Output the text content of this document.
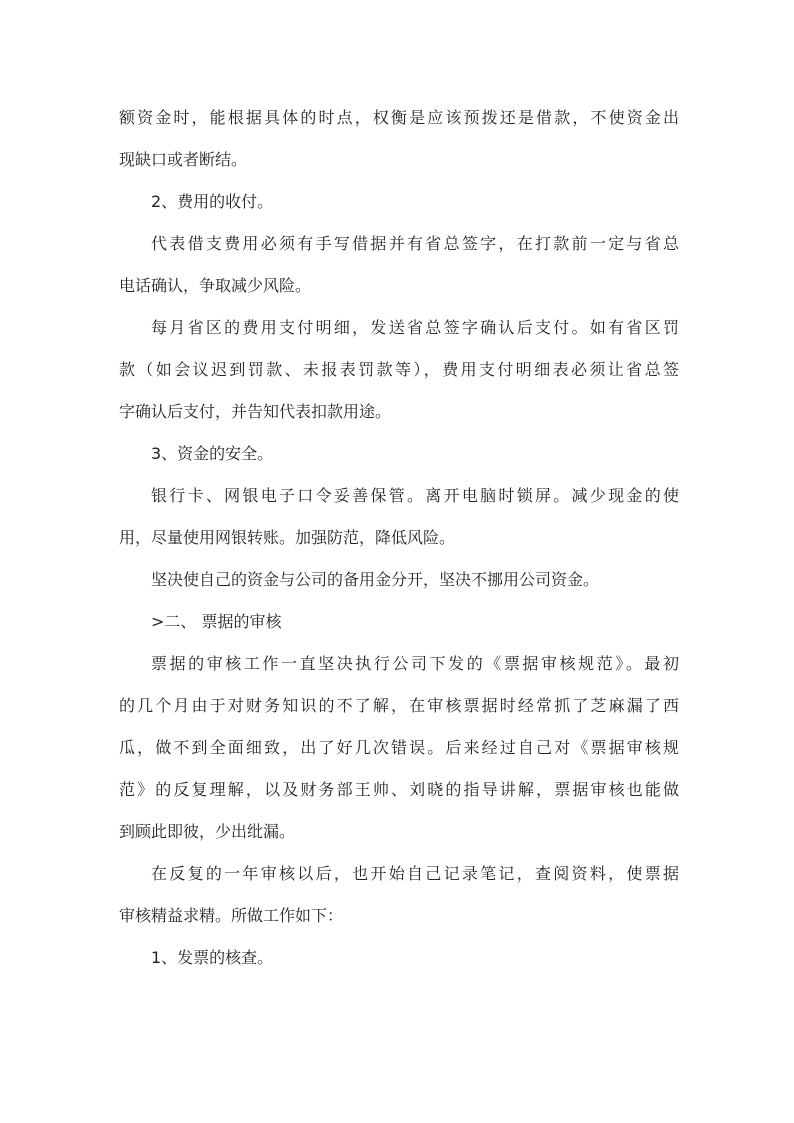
额资金时，能根据具体的时点，权衡是应该预拨还是借款，不使资金出
现缺口或者断结。
2、费用的收付。
代表借支费用必须有手写借据并有省总签字，在打款前一定与省总
电话确认，争取减少风险。
每月省区的费用支付明细，发送省总签字确认后支付。如有省区罚
款（如会议迟到罚款、未报表罚款等），费用支付明细表必须让省总签
字确认后支付，并告知代表扣款用途。
3、资金的安全。
银行卡、网银电子口令妥善保管。离开电脑时锁屏。减少现金的使
用，尽量使用网银转账。加强防范，降低风险。
坚决使自己的资金与公司的备用金分开，坚决不挪用公司资金。
>二、 票据的审核
票据的审核工作一直坚决执行公司下发的《票据审核规范》。最初
的几个月由于对财务知识的不了解，在审核票据时经常抓了芝麻漏了西
瓜，做不到全面细致，出了好几次错误。后来经过自己对《票据审核规
范》的反复理解，以及财务部王帅、刘晓的指导讲解，票据审核也能做
到顾此即彼，少出纰漏。
在反复的一年审核以后，也开始自己记录笔记，查阅资料，使票据
审核精益求精。所做工作如下：
1、发票的核查。
